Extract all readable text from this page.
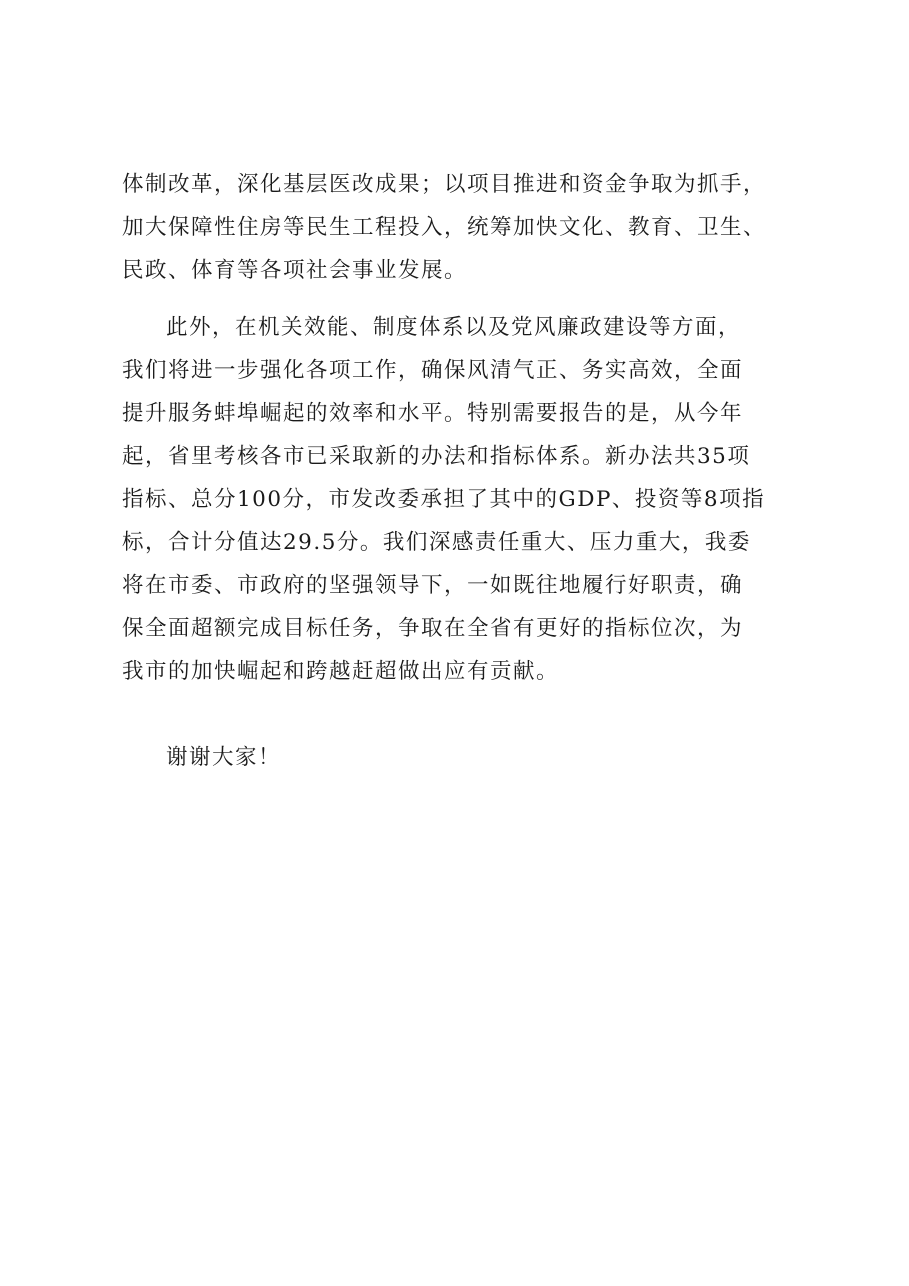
体制改革，深化基层医改成果；以项目推进和资金争取为抓手，
加大保障性住房等民生工程投入，统筹加快文化、教育、卫生、
民政、体育等各项社会事业发展。
此外，在机关效能、制度体系以及党风廉政建设等方面，
我们将进一步强化各项工作，确保风清气正、务实高效，全面
提升服务蚌埠崛起的效率和水平。特别需要报告的是，从今年
起，省里考核各市已采取新的办法和指标体系。新办法共35项
指标、总分100分，市发改委承担了其中的GDP、投资等8项指
标，合计分值达29.5分。我们深感责任重大、压力重大，我委
将在市委、市政府的坚强领导下，一如既往地履行好职责，确
保全面超额完成目标任务，争取在全省有更好的指标位次，为
我市的加快崛起和跨越赶超做出应有贡献。
谢谢大家！
